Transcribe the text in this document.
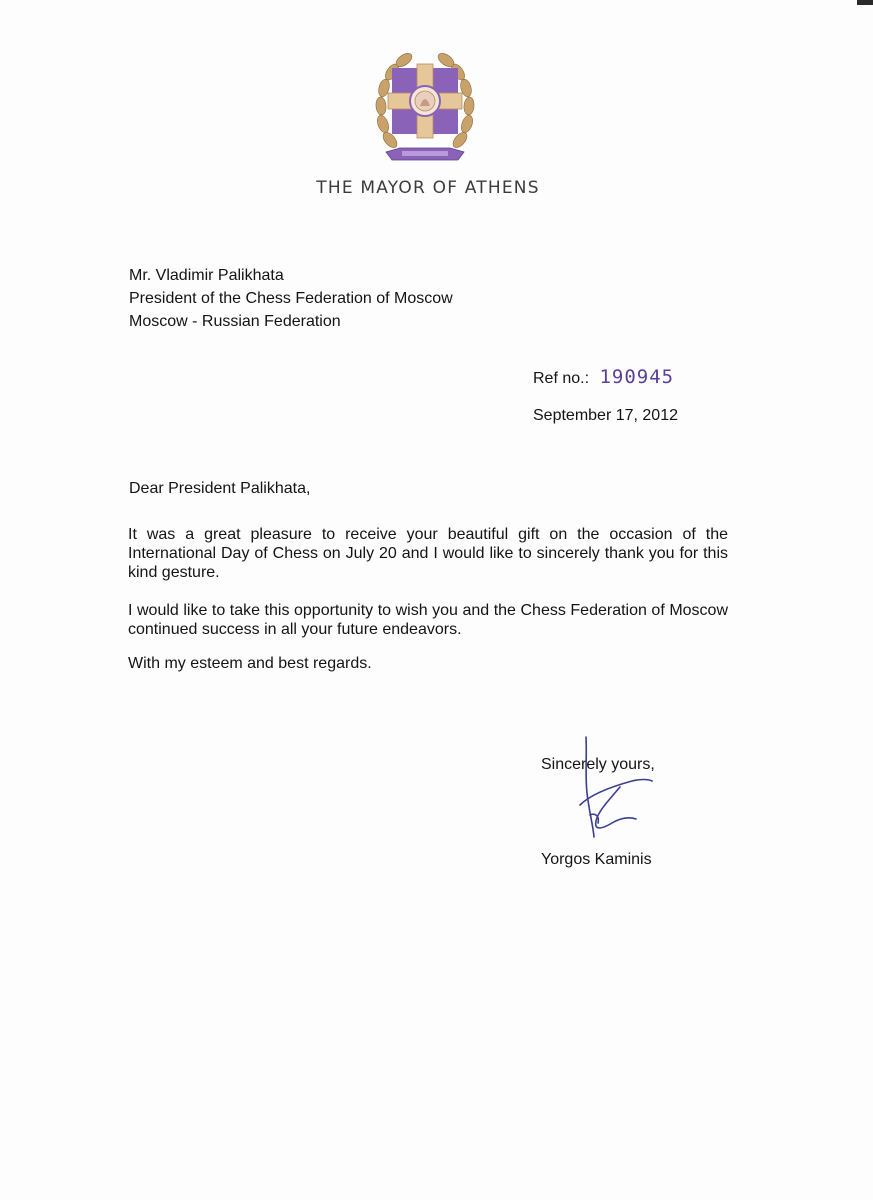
THE MAYOR OF ATHENS
Mr. Vladimir Palikhata
President of the Chess Federation of Moscow
Moscow - Russian Federation
Ref no.: 190945
September 17, 2012
Dear President Palikhata,
It was a great pleasure to receive your beautiful gift on the occasion of the International Day of Chess on July 20 and I would like to sincerely thank you for this kind gesture.
I would like to take this opportunity to wish you and the Chess Federation of Moscow continued success in all your future endeavors.
With my esteem and best regards.
Sincerely yours,
Yorgos Kaminis
